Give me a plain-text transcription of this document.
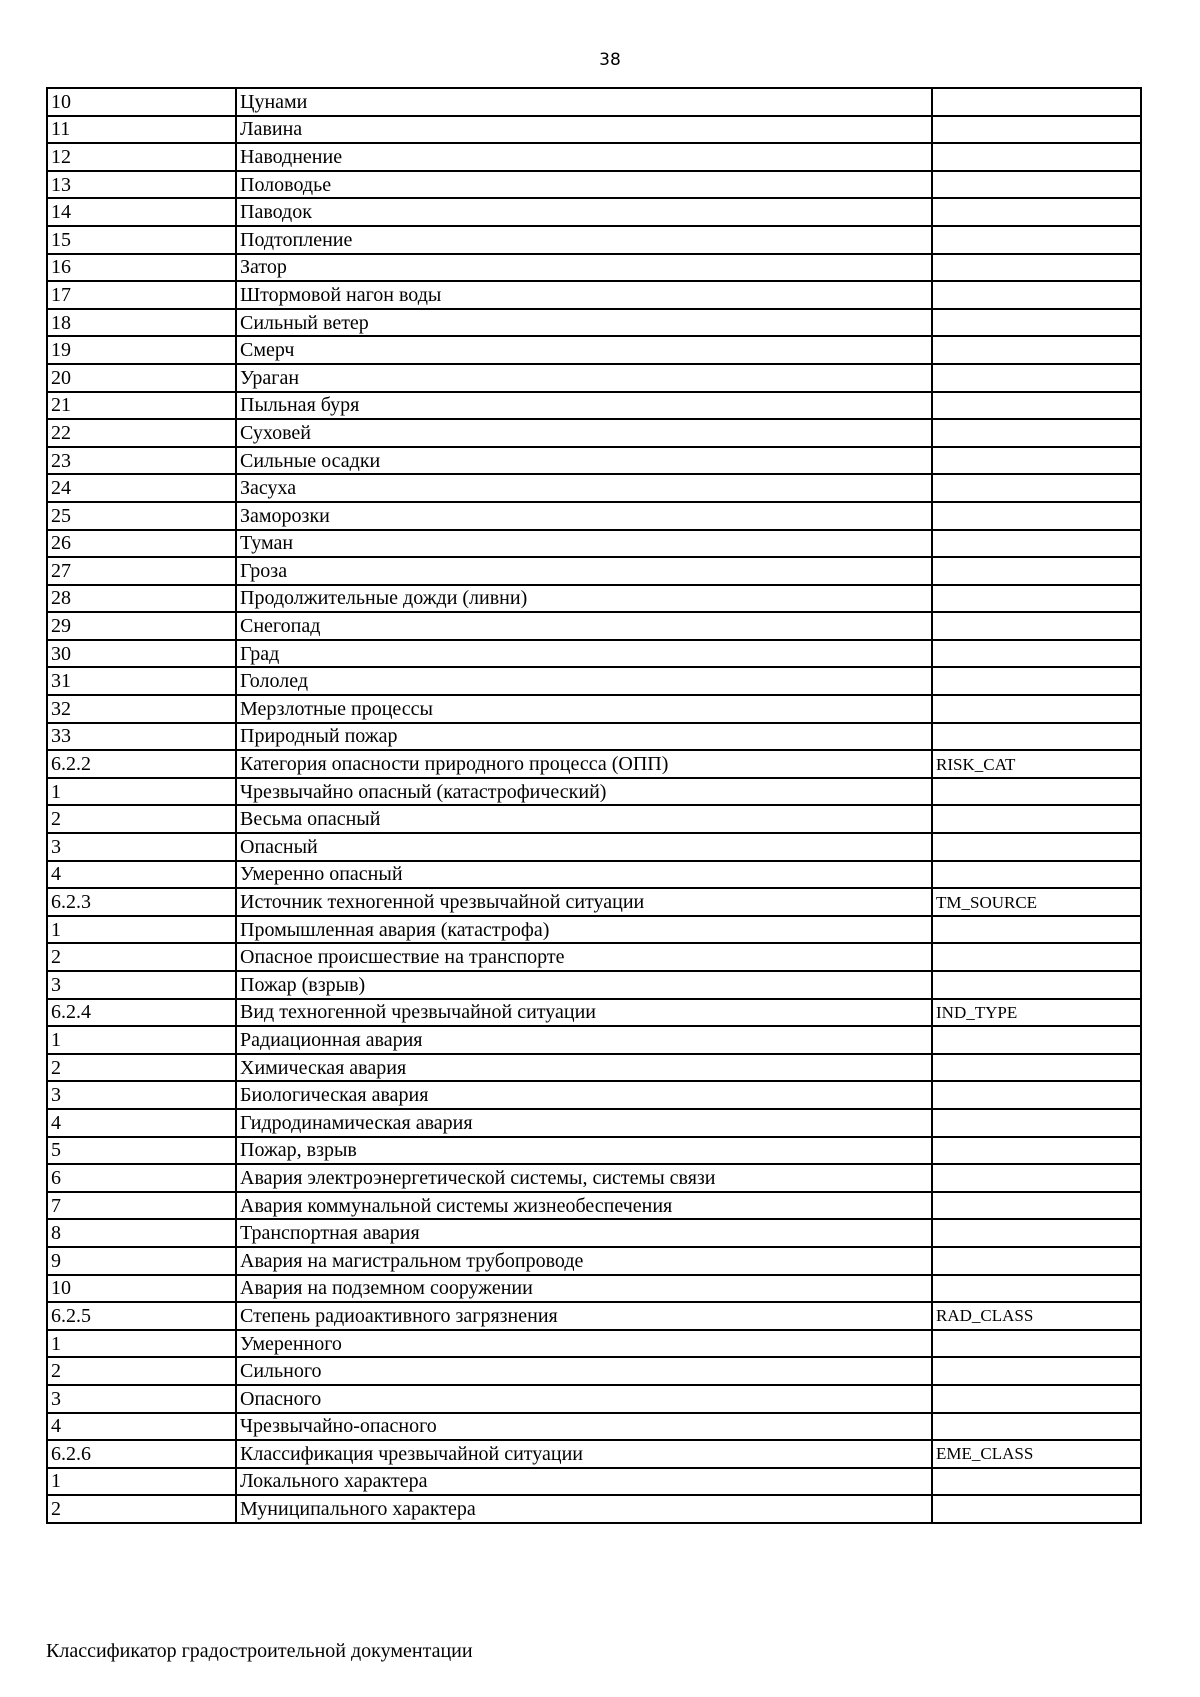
38
10	Цунами	
11	Лавина	
12	Наводнение	
13	Половодье	
14	Паводок	
15	Подтопление	
16	Затор	
17	Штормовой нагон воды	
18	Сильный ветер	
19	Смерч	
20	Ураган	
21	Пыльная буря	
22	Суховей	
23	Сильные осадки	
24	Засуха	
25	Заморозки	
26	Туман	
27	Гроза	
28	Продолжительные дожди (ливни)	
29	Снегопад	
30	Град	
31	Гололед	
32	Мерзлотные процессы	
33	Природный пожар	
6.2.2	Категория опасности природного процесса (ОПП)	RISK_CAT
1	Чрезвычайно опасный (катастрофический)	
2	Весьма опасный	
3	Опасный	
4	Умеренно опасный	
6.2.3	Источник техногенной чрезвычайной ситуации	TM_SOURCE
1	Промышленная авария (катастрофа)	
2	Опасное происшествие на транспорте	
3	Пожар (взрыв)	
6.2.4	Вид техногенной чрезвычайной ситуации	IND_TYPE
1	Радиационная авария	
2	Химическая авария	
3	Биологическая авария	
4	Гидродинамическая авария	
5	Пожар, взрыв	
6	Авария электроэнергетической системы, системы связи	
7	Авария коммунальной системы жизнеобеспечения	
8	Транспортная авария	
9	Авария на магистральном трубопроводе	
10	Авария на подземном сооружении	
6.2.5	Степень радиоактивного загрязнения	RAD_CLASS
1	Умеренного	
2	Сильного	
3	Опасного	
4	Чрезвычайно-опасного	
6.2.6	Классификация чрезвычайной ситуации	EME_CLASS
1	Локального характера	
2	Муниципального характера	
Классификатор градостроительной документации
